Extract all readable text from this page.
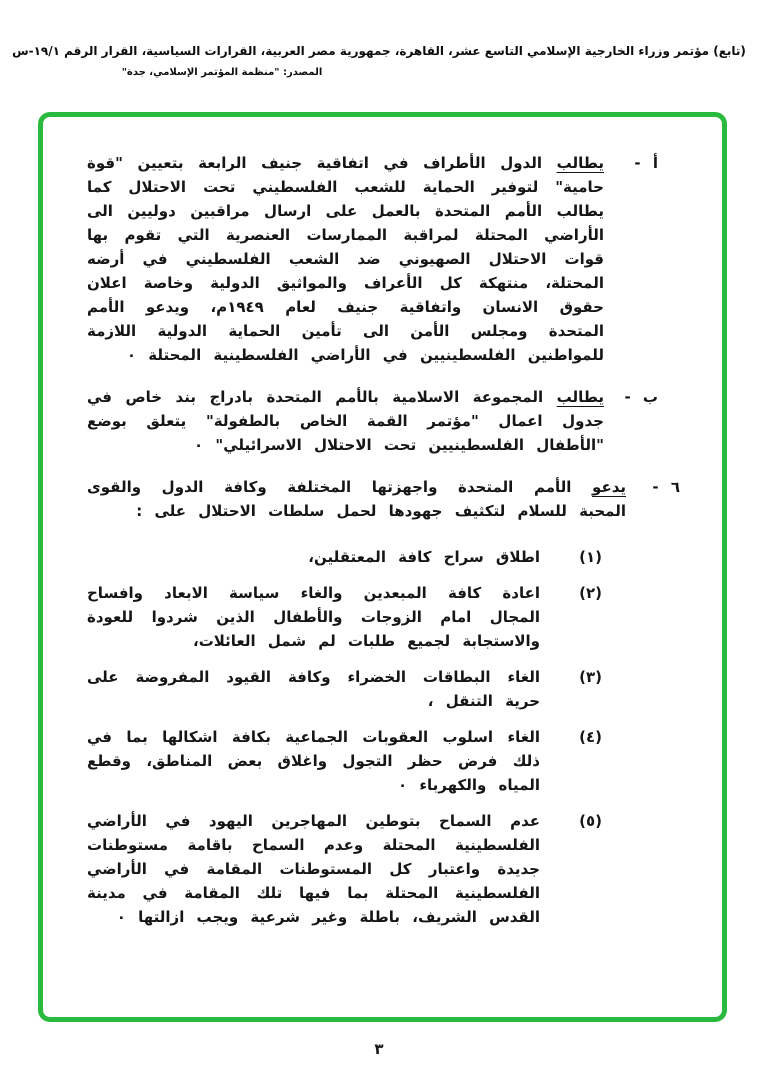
(تابع) مؤتمر وزراء الخارجية الإسلامي التاسع عشر، القاهرة، جمهورية مصر العربية، القرارات السياسية، القرار الرقم ١٩/١-س
المصدر: "منظمة المؤتمر الإسلامي، جدة"
أ -
يطالب الدول الأطراف في اتفاقية جنيف الرابعة بتعيين "قوة حامية" لتوفير الحماية للشعب الفلسطيني تحت الاحتلال كما يطالب الأمم المتحدة بالعمل على ارسال مراقبين دوليين الى الأراضي المحتلة لمراقبة الممارسات العنصرية التي تقوم بها قوات الاحتلال الصهيوني ضد الشعب الفلسطيني في أرضه المحتلة، منتهكة كل الأعراف والمواثيق الدولية وخاصة اعلان حقوق الانسان واتفاقية جنيف لعام ١٩٤٩م، ويدعو الأمم المتحدة ومجلس الأمن الى تأمين الحماية الدولية اللازمة للمواطنين الفلسطينيين في الأراضي الفلسطينية المحتلة ٠
ب -
يطالب المجموعة الاسلامية بالأمم المتحدة بادراج بند خاص في جدول اعمال "مؤتمر القمة الخاص بالطفولة" يتعلق بوضع "الأطفال الفلسطينيين تحت الاحتلال الاسرائيلي" ٠
٦ -
يدعو الأمم المتحدة واجهزتها المختلفة وكافة الدول والقوى المحبة للسلام لتكثيف جهودها لحمل سلطات الاحتلال على :
(١)
اطلاق سراح كافة المعتقلين،
(٢)
اعادة كافة المبعدين والغاء سياسة الابعاد وافساح المجال امام الزوجات والأطفال الذين شردوا للعودة والاستجابة لجميع طلبات لم شمل العائلات،
(٣)
الغاء البطاقات الخضراء وكافة القيود المفروضة على حرية التنقل ،
(٤)
الغاء اسلوب العقوبات الجماعية بكافة اشكالها بما في ذلك فرض حظر التجول واغلاق بعض المناطق، وقطع المياه والكهرباء ٠
(٥)
عدم السماح بتوطين المهاجرين اليهود في الأراضي الفلسطينية المحتلة وعدم السماح باقامة مستوطنات جديدة واعتبار كل المستوطنات المقامة في الأراضي الفلسطينية المحتلة بما فيها تلك المقامة في مدينة القدس الشريف، باطلة وغير شرعية ويجب ازالتها ٠
٣
